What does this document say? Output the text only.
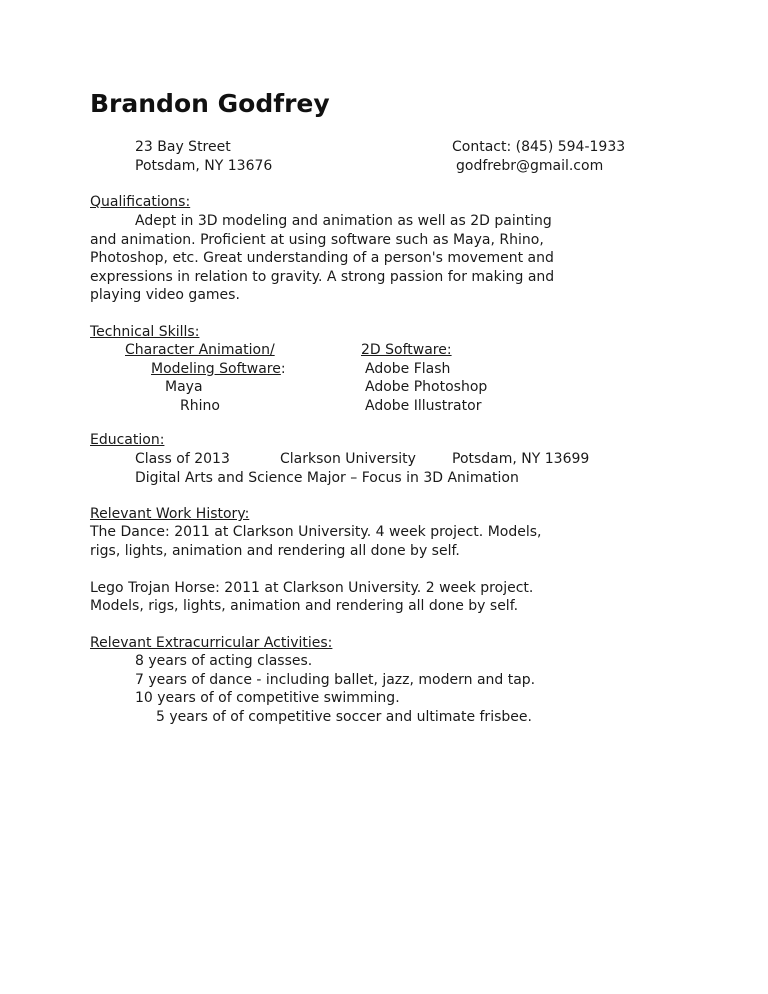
Brandon Godfrey
23 Bay Street
Potsdam, NY 13676
Contact: (845) 594-1933
godfrebr@gmail.com
Qualifications:
Adept in 3D modeling and animation as well as 2D painting
and animation. Proficient at using software such as Maya, Rhino,
Photoshop, etc. Great understanding of a person's movement and
expressions in relation to gravity. A strong passion for making and
playing video games.
Technical Skills:
Character Animation/
Modeling Software:
Maya
Rhino
2D Software:
Adobe Flash
Adobe Photoshop
Adobe Illustrator
Education:
Class of 2013	Clarkson University	Potsdam, NY 13699
Digital Arts and Science Major – Focus in 3D Animation
Relevant Work History:
The Dance: 2011 at Clarkson University. 4 week project. Models,
rigs, lights, animation and rendering all done by self.
Lego Trojan Horse: 2011 at Clarkson University. 2 week project.
Models, rigs, lights, animation and rendering all done by self.
Relevant Extracurricular Activities:
8 years of acting classes.
7 years of dance - including ballet, jazz, modern and tap.
10 years of of competitive swimming.
5 years of of competitive soccer and ultimate frisbee.
